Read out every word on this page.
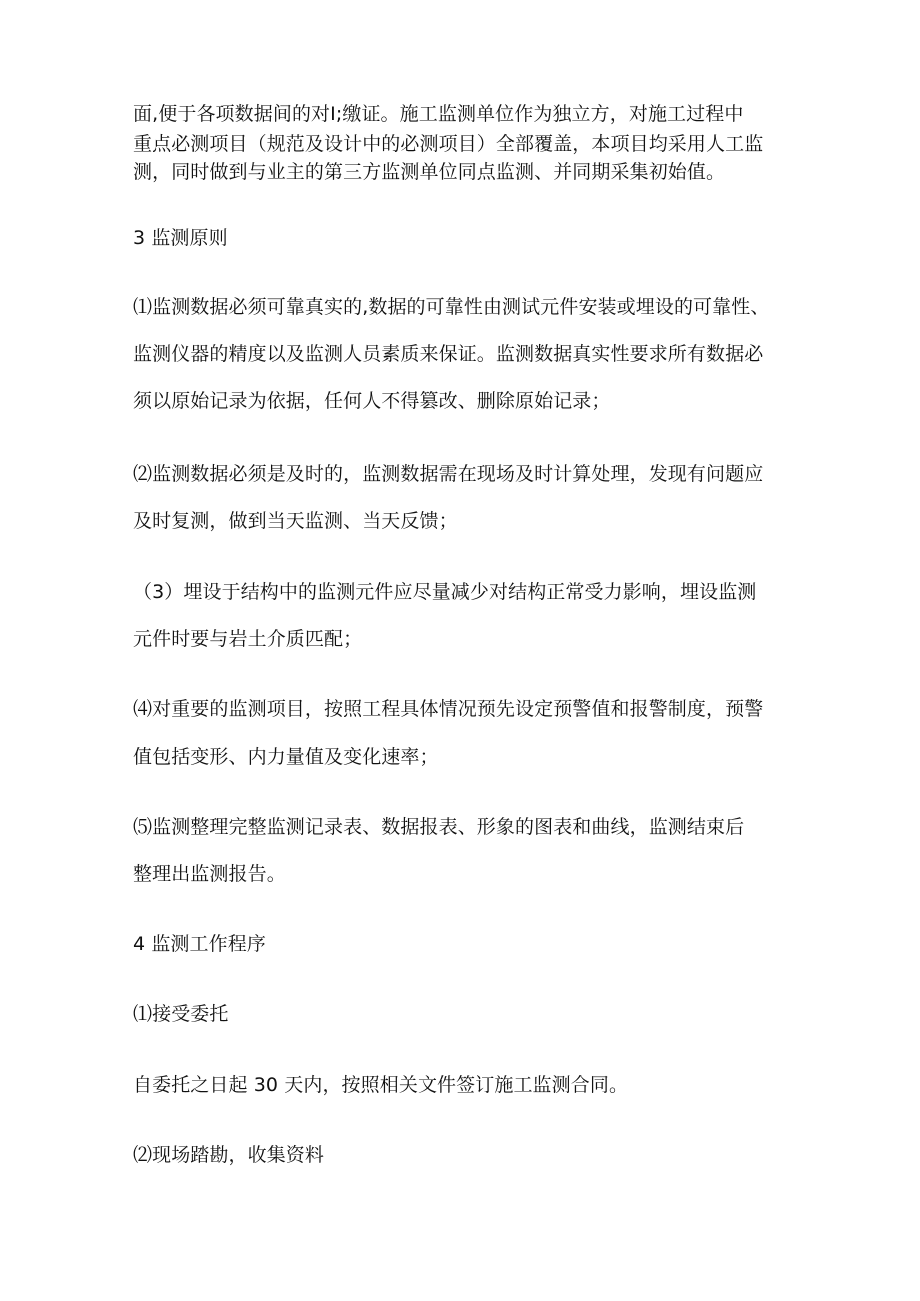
面,便于各项数据间的对Ⅰ;缴证。施工监测单位作为独立方，对施工过程中
重点必测项目（规范及设计中的必测项目）全部覆盖，本项目均采用人工监
测，同时做到与业主的第三方监测单位同点监测、并同期采集初始值。
3 监测原则
⑴监测数据必须可靠真实的,数据的可靠性由测试元件安装或埋设的可靠性、
监测仪器的精度以及监测人员素质来保证。监测数据真实性要求所有数据必
须以原始记录为依据，任何人不得篡改、删除原始记录；
⑵监测数据必须是及时的，监测数据需在现场及时计算处理，发现有问题应
及时复测，做到当天监测、当天反馈；
（3）埋设于结构中的监测元件应尽量减少对结构正常受力影响，埋设监测
元件时要与岩土介质匹配；
⑷对重要的监测项目，按照工程具体情况预先设定预警值和报警制度，预警
值包括变形、内力量值及变化速率；
⑸监测整理完整监测记录表、数据报表、形象的图表和曲线，监测结束后
整理出监测报告。
4 监测工作程序
⑴接受委托
自委托之日起 30 天内，按照相关文件签订施工监测合同。
⑵现场踏勘，收集资料
